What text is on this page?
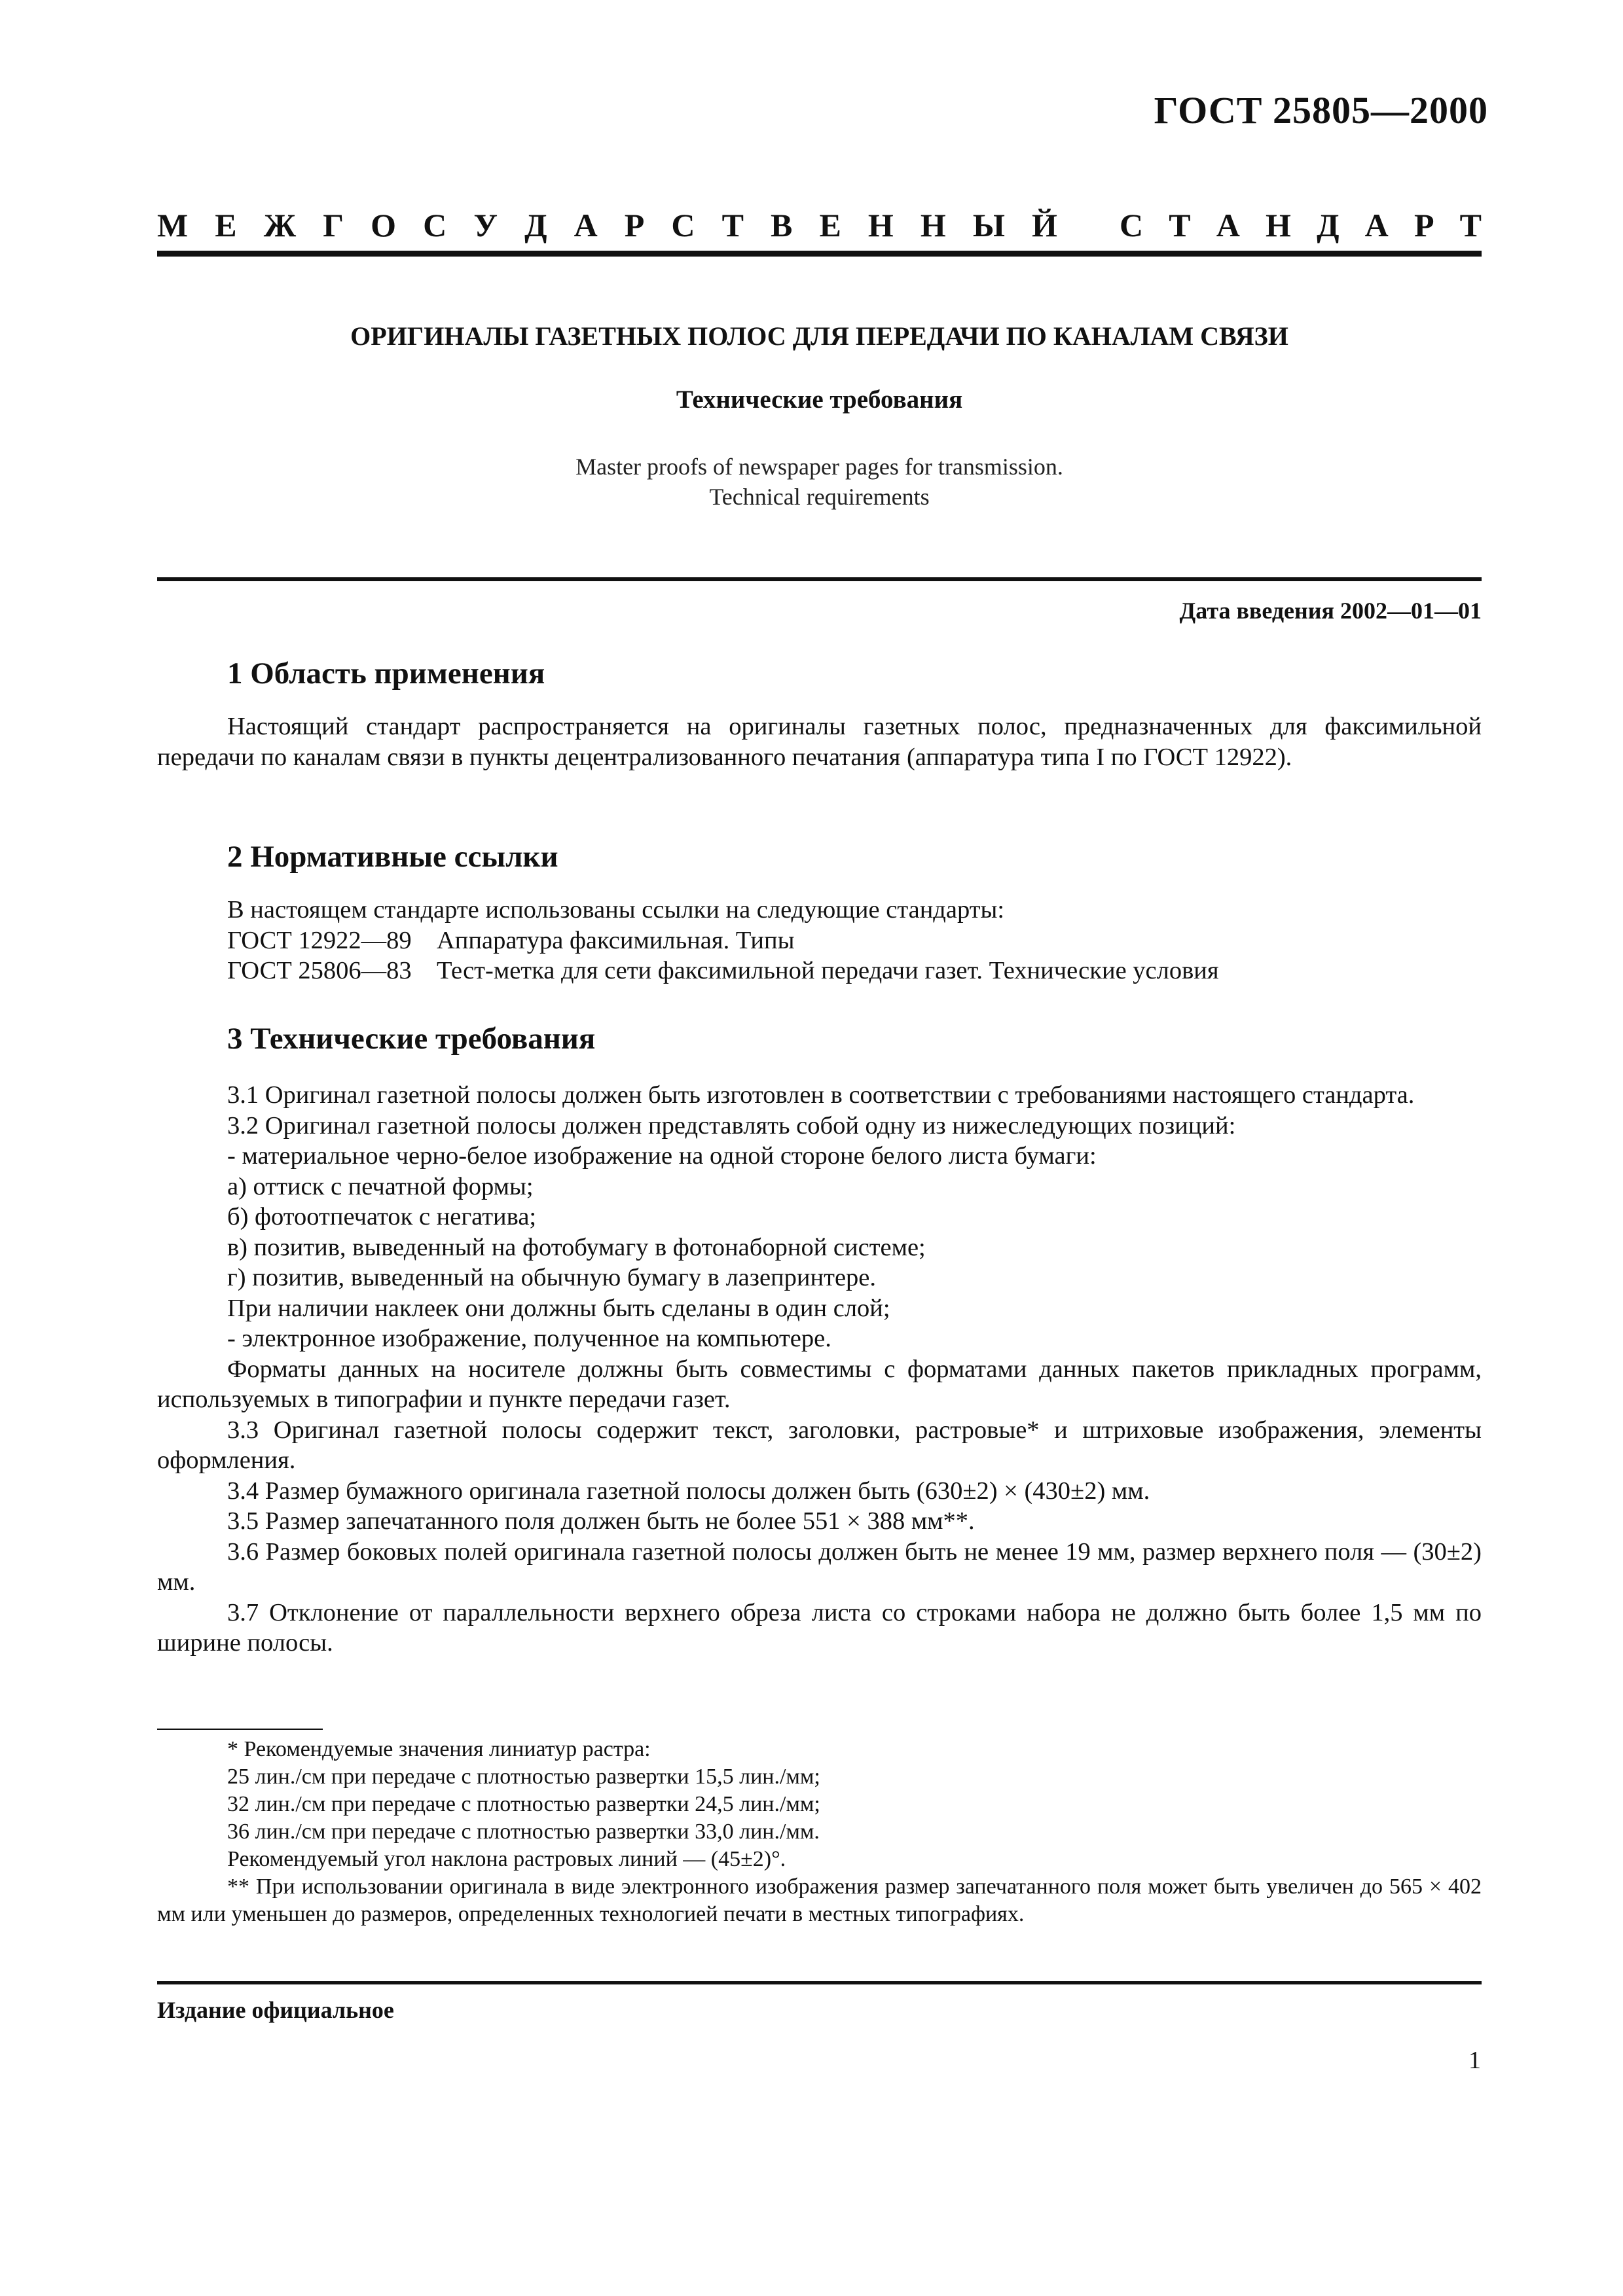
ГОСТ 25805—2000
М Е Ж Г О С У Д А Р С Т В Е Н Н Ы Й С Т А Н Д А Р Т
ОРИГИНАЛЫ ГАЗЕТНЫХ ПОЛОС ДЛЯ ПЕРЕДАЧИ ПО КАНАЛАМ СВЯЗИ
Технические требования
Master proofs of newspaper pages for transmission.
Technical requirements
Дата введения 2002—01—01
1 Область применения

Настоящий стандарт распространяется на оригиналы газетных полос, предназначенных для факсимильной передачи по каналам связи в пункты децентрализованного печатания (аппаратура типа I по ГОСТ 12922).

2 Нормативные ссылки

В настоящем стандарте использованы ссылки на следующие стандарты:

ГОСТ 12922—89 Аппаратура факсимильная. Типы
ГОСТ 25806—83 Тест-метка для сети факсимильной передачи газет. Технические условия
3 Технические требования

3.1 Оригинал газетной полосы должен быть изготовлен в соответствии с требованиями настоящего стандарта.

3.2 Оригинал газетной полосы должен представлять собой одну из нижеследующих позиций:

- материальное черно-белое изображение на одной стороне белого листа бумаги:

а) оттиск с печатной формы;

б) фотоотпечаток с негатива;

в) позитив, выведенный на фотобумагу в фотонаборной системе;

г) позитив, выведенный на обычную бумагу в лазепринтере.

При наличии наклеек они должны быть сделаны в один слой;

- электронное изображение, полученное на компьютере.

Форматы данных на носителе должны быть совместимы с форматами данных пакетов прикладных программ, используемых в типографии и пункте передачи газет.

3.3 Оригинал газетной полосы содержит текст, заголовки, растровые* и штриховые изображения, элементы оформления.

3.4 Размер бумажного оригинала газетной полосы должен быть (630±2) × (430±2) мм.

3.5 Размер запечатанного поля должен быть не более 551 × 388 мм**.

3.6 Размер боковых полей оригинала газетной полосы должен быть не менее 19 мм, размер верхнего поля — (30±2) мм.

3.7 Отклонение от параллельности верхнего обреза листа со строками набора не должно быть более 1,5 мм по ширине полосы.

* Рекомендуемые значения линиатур растра:

25 лин./см при передаче с плотностью развертки 15,5 лин./мм;

32 лин./см при передаче с плотностью развертки 24,5 лин./мм;

36 лин./см при передаче с плотностью развертки 33,0 лин./мм.

Рекомендуемый угол наклона растровых линий — (45±2)°.

** При использовании оригинала в виде электронного изображения размер запечатанного поля может быть увеличен до 565 × 402 мм или уменьшен до размеров, определенных технологией печати в местных типографиях.

Издание официальное
1
